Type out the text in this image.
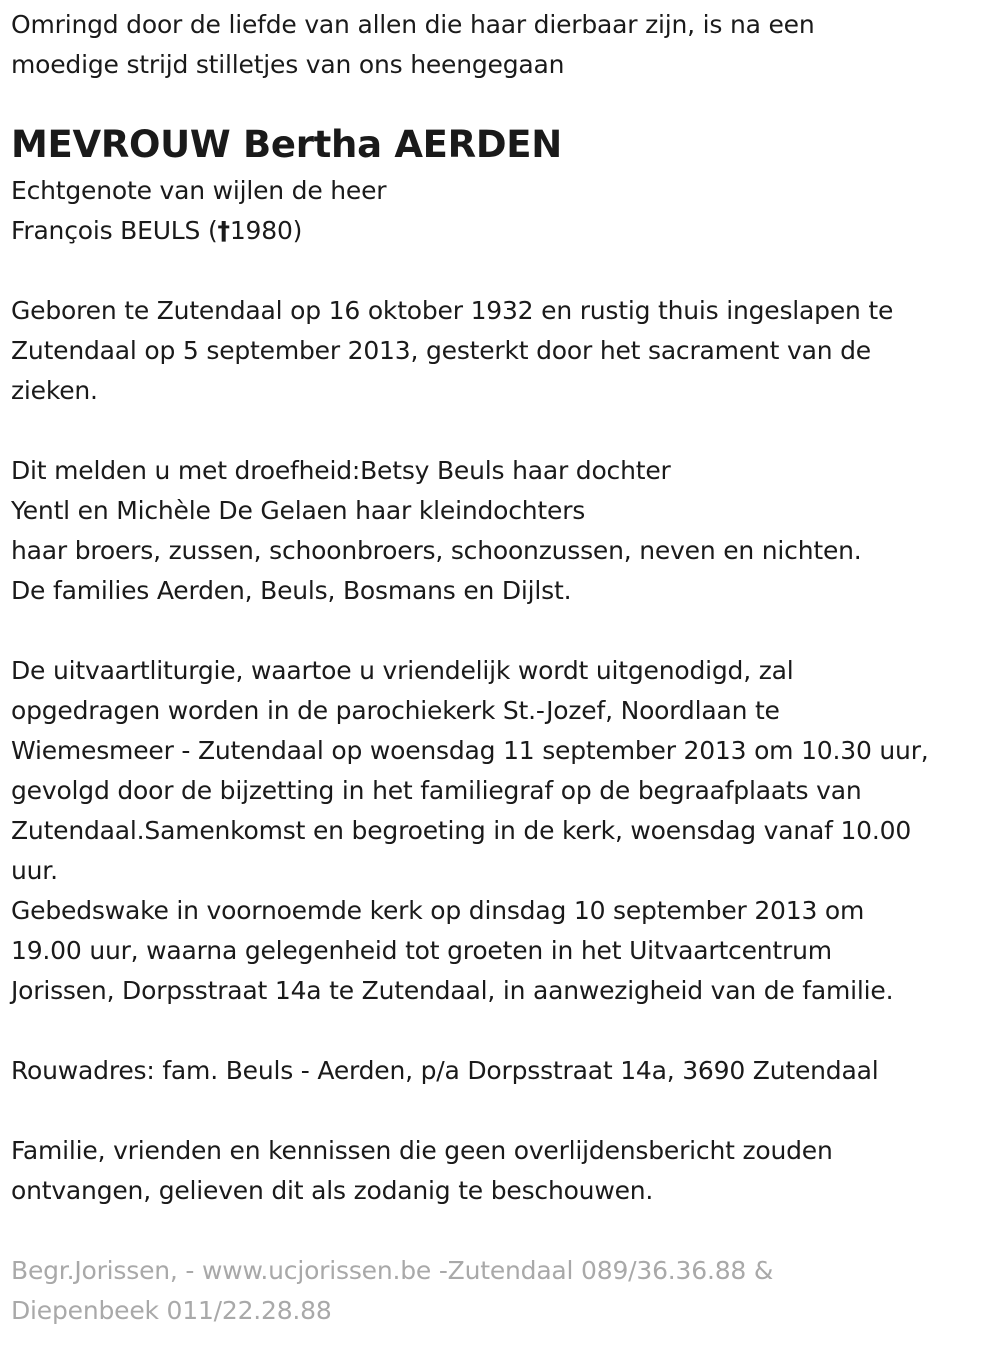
Omringd door de liefde van allen die haar dierbaar zijn, is na een
moedige strijd stilletjes van ons heengegaan
MEVROUW Bertha AERDEN
Echtgenote van wijlen de heer
François BEULS (†1980)
Geboren te Zutendaal op 16 oktober 1932 en rustig thuis ingeslapen te
Zutendaal op 5 september 2013, gesterkt door het sacrament van de
zieken.
Dit melden u met droefheid:Betsy Beuls haar dochter
Yentl en Michèle De Gelaen haar kleindochters
haar broers, zussen, schoonbroers, schoonzussen, neven en nichten.
De families Aerden, Beuls, Bosmans en Dijlst.
De uitvaartliturgie, waartoe u vriendelijk wordt uitgenodigd, zal
opgedragen worden in de parochiekerk St.-Jozef, Noordlaan te
Wiemesmeer - Zutendaal op woensdag 11 september 2013 om 10.30 uur,
gevolgd door de bijzetting in het familiegraf op de begraafplaats van
Zutendaal.Samenkomst en begroeting in de kerk, woensdag vanaf 10.00
uur.
Gebedswake in voornoemde kerk op dinsdag 10 september 2013 om
19.00 uur, waarna gelegenheid tot groeten in het Uitvaartcentrum
Jorissen, Dorpsstraat 14a te Zutendaal, in aanwezigheid van de familie.
Rouwadres: fam. Beuls - Aerden, p/a Dorpsstraat 14a, 3690 Zutendaal
Familie, vrienden en kennissen die geen overlijdensbericht zouden
ontvangen, gelieven dit als zodanig te beschouwen.
Begr.Jorissen, - www.ucjorissen.be -Zutendaal 089/36.36.88 &
Diepenbeek 011/22.28.88
